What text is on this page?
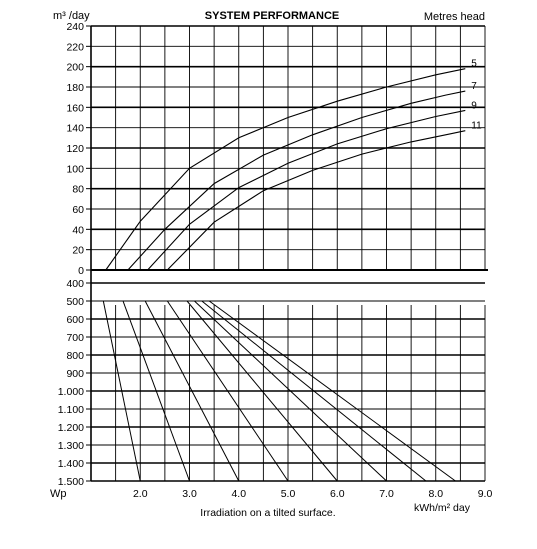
5
7
9
11
240
220
200
180
160
140
120
100
80
60
40
20
0
400
500
600
700
800
900
1.000
1.100
1.200
1.300
1.400
1.500
2.0	3.0	4.0	5.0	6.0	7.0	8.0	9.0
SYSTEM PERFORMANCE
m³ /day	Metres head
Wp
Irradiation on a tilted surface.	kWh/m² day
